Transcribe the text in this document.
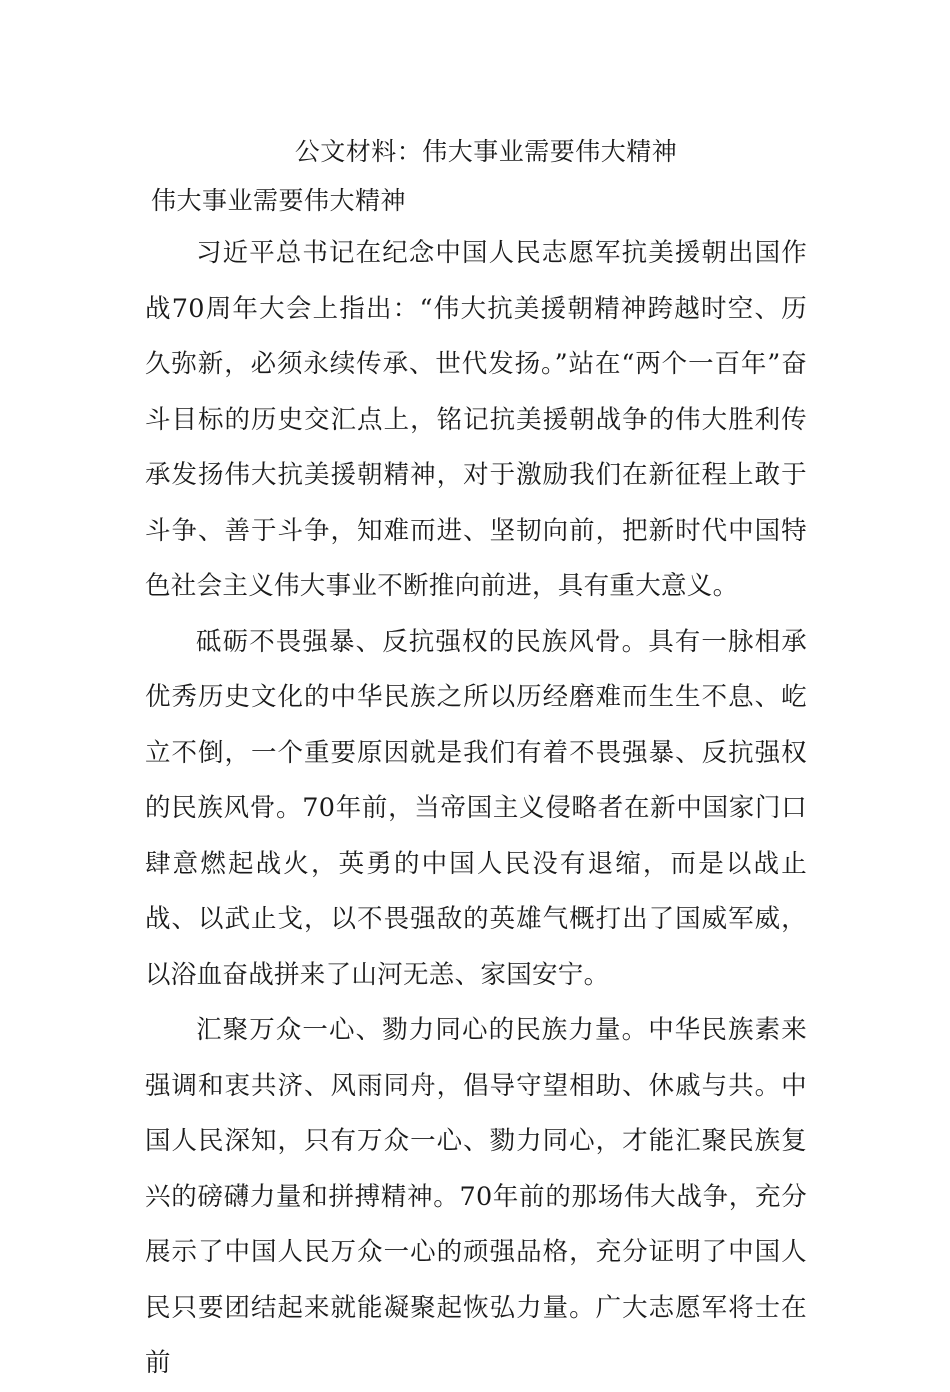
公文材料：伟大事业需要伟大精神
伟大事业需要伟大精神

习近平总书记在纪念中国人民志愿军抗美援朝出国作战70周年大会上指出：“伟大抗美援朝精神跨越时空、历久弥新，必须永续传承、世代发扬。”站在“两个一百年”奋斗目标的历史交汇点上，铭记抗美援朝战争的伟大胜利传承发扬伟大抗美援朝精神，对于激励我们在新征程上敢于斗争、善于斗争，知难而进、坚韧向前，把新时代中国特色社会主义伟大事业不断推向前进，具有重大意义。

砥砺不畏强暴、反抗强权的民族风骨。具有一脉相承优秀历史文化的中华民族之所以历经磨难而生生不息、屹立不倒，一个重要原因就是我们有着不畏强暴、反抗强权的民族风骨。70年前，当帝国主义侵略者在新中国家门口肆意燃起战火，英勇的中国人民没有退缩，而是以战止战、以武止戈，以不畏强敌的英雄气概打出了国威军威，以浴血奋战拼来了山河无恙、家国安宁。

汇聚万众一心、勠力同心的民族力量。中华民族素来强调和衷共济、风雨同舟，倡导守望相助、休戚与共。中国人民深知，只有万众一心、勠力同心，才能汇聚民族复兴的磅礴力量和拼搏精神。70年前的那场伟大战争，充分展示了中国人民万众一心的顽强品格，充分证明了中国人民只要团结起来就能凝聚起恢弘力量。广大志愿军将士在前
